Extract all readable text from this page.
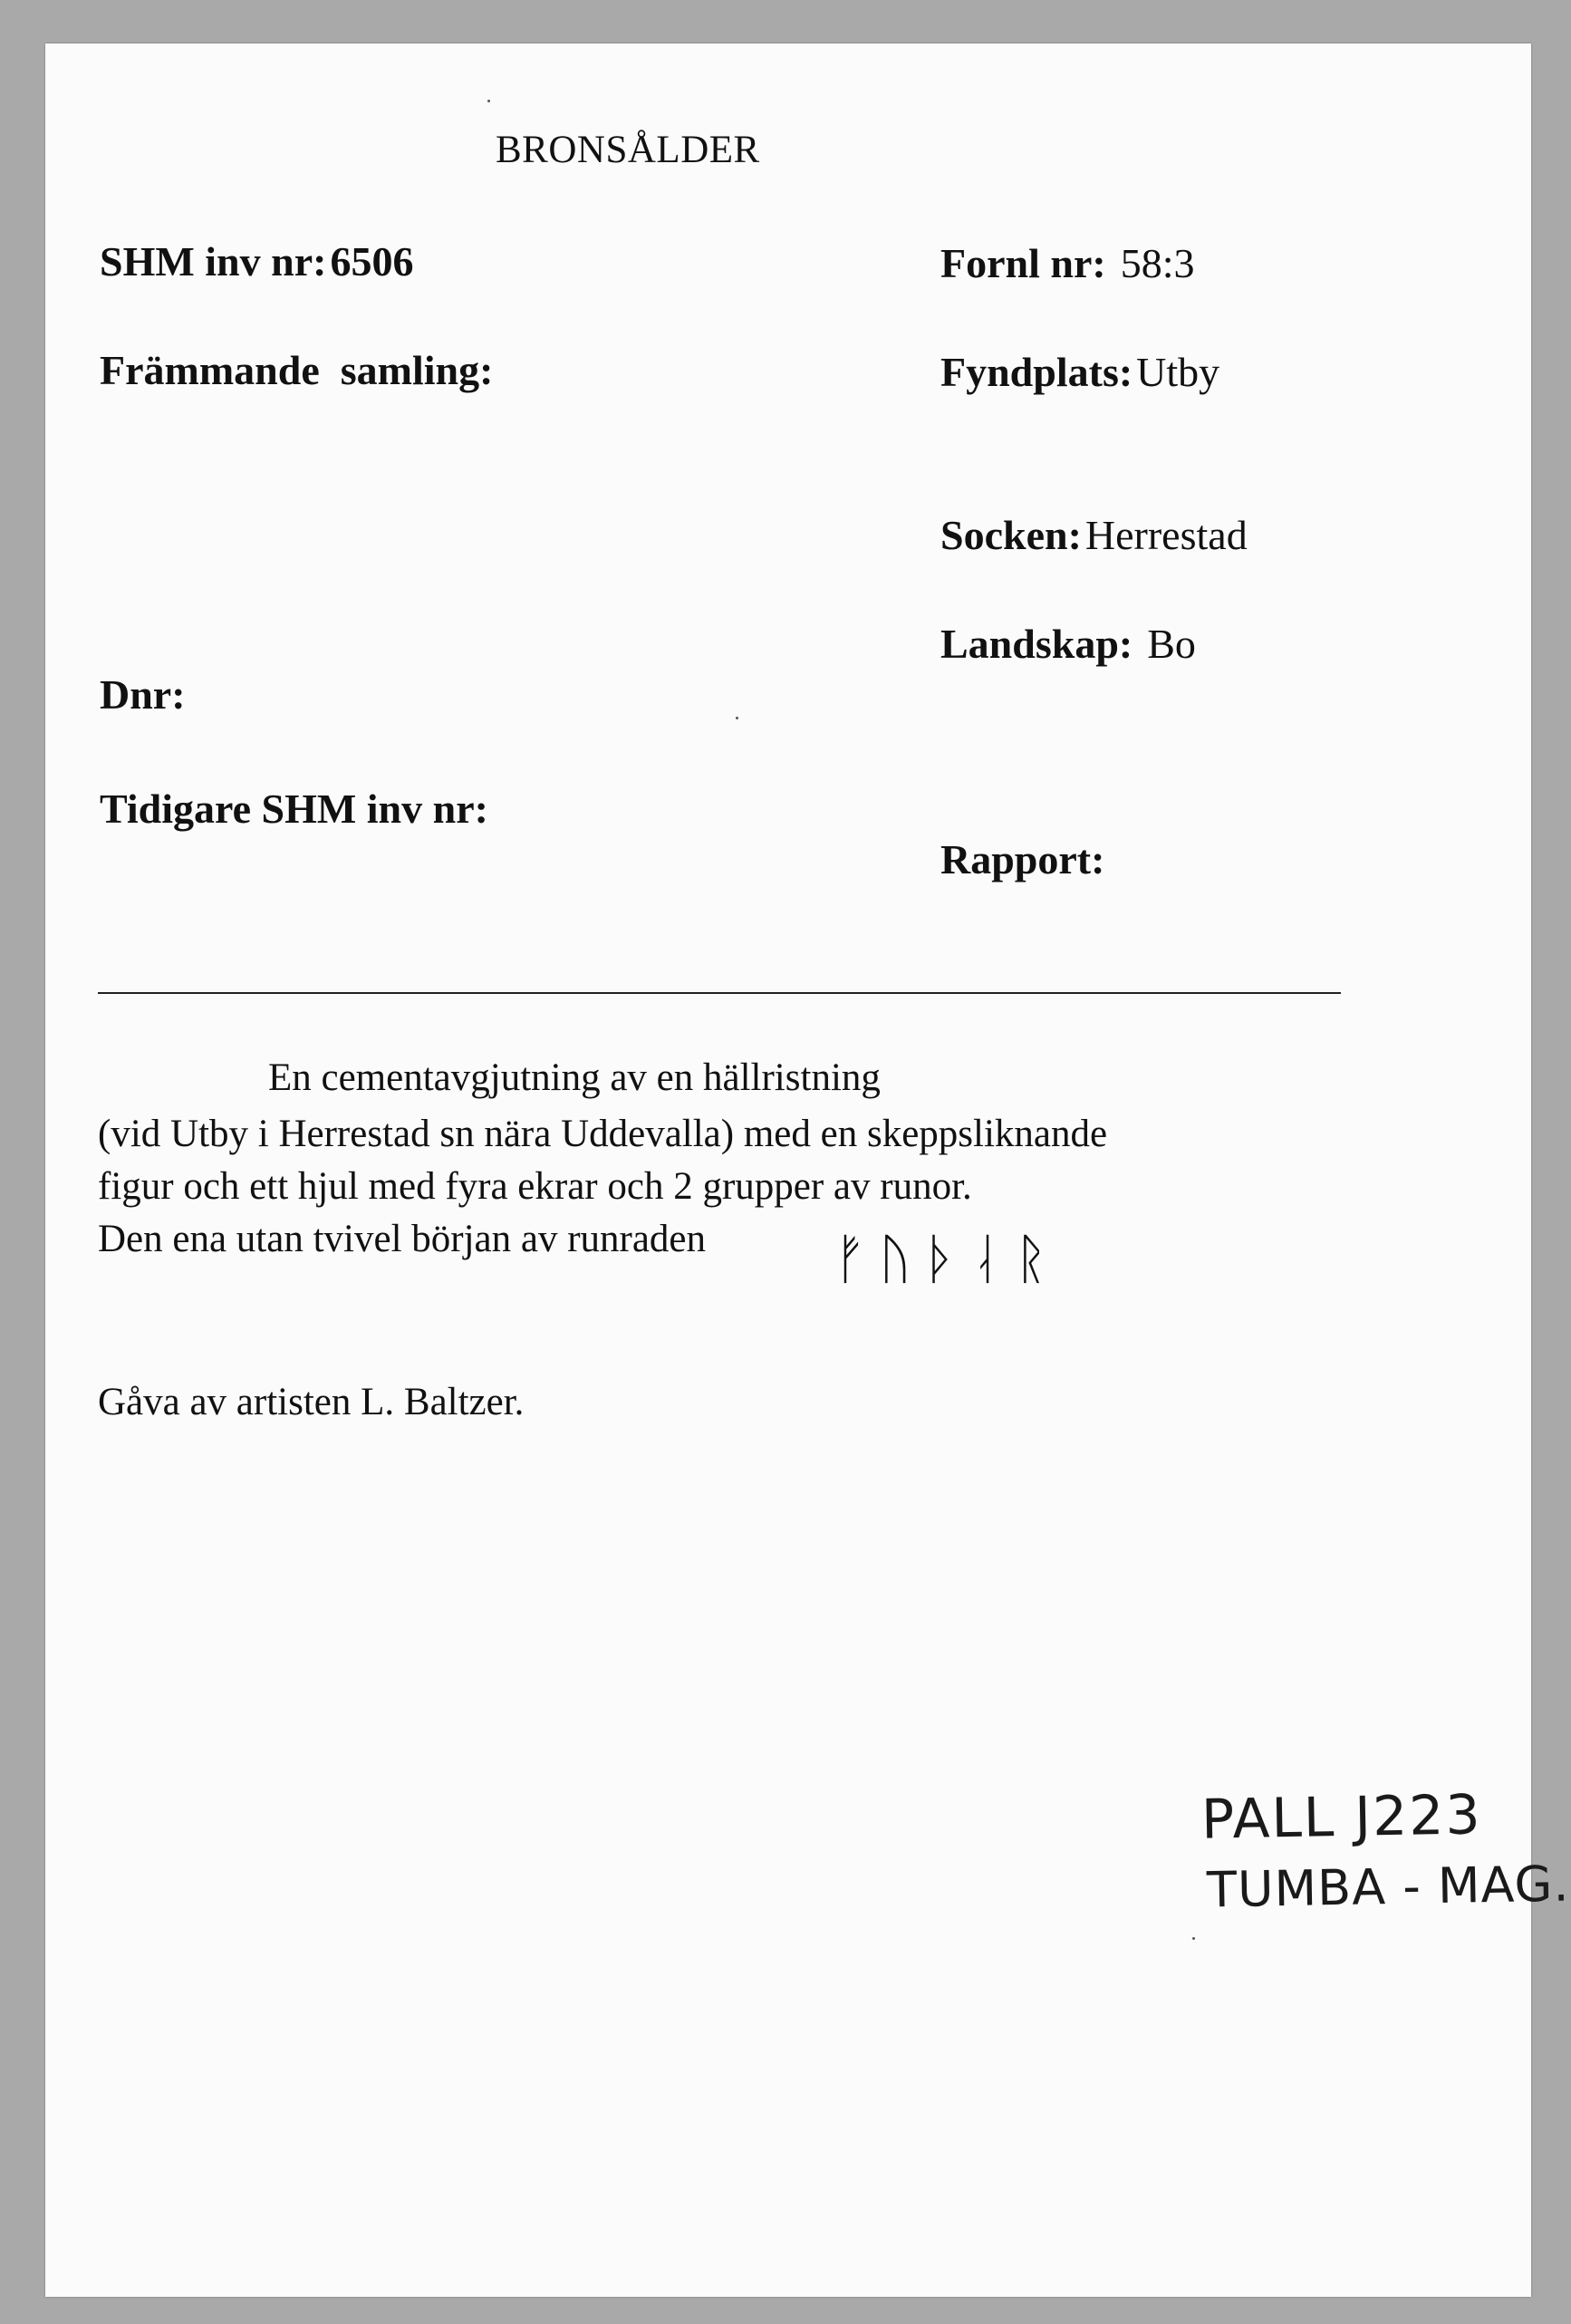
BRONSÅLDER
SHM inv nr: 6506
Främmande  samling:
Dnr:
Tidigare SHM inv nr:
Fornl nr: 58:3
Fyndplats: Utby
Socken: Herrestad
Landskap: Bo
Rapport:
En cementavgjutning av en hällristning
(vid Utby i Herrestad sn nära Uddevalla) med en skeppsliknande
figur och ett hjul med fyra ekrar och 2 grupper av runor.
Den ena utan tvivel början av runraden ᚠᚢᚦᛆᚱ
Gåva av artisten L. Baltzer.
PALL J223
TUMBA - MAG.
